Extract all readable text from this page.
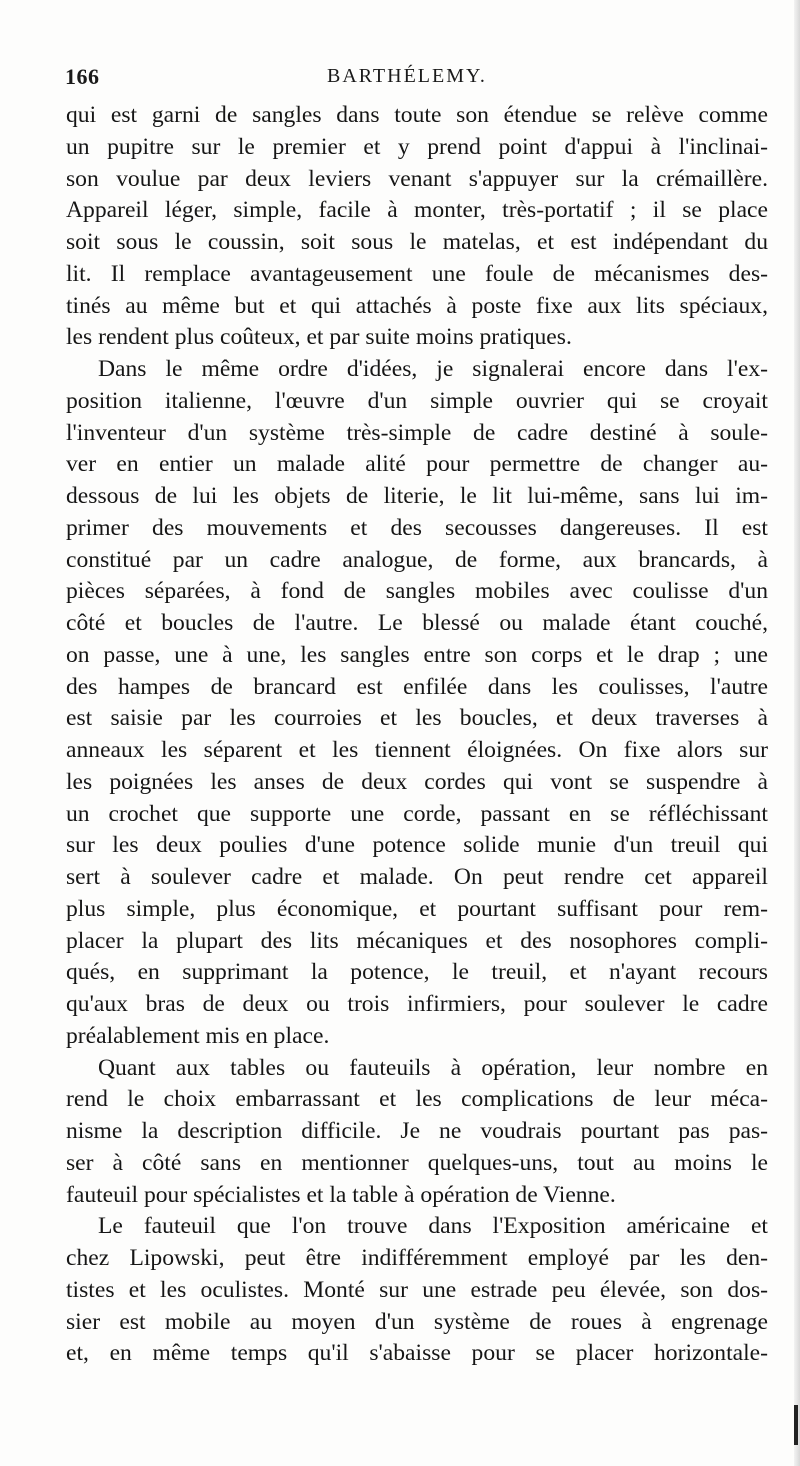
166	BARTHÉLEMY.
qui est garni de sangles dans toute son étendue se relève comme
un pupitre sur le premier et y prend point d'appui à l'inclinai-
son voulue par deux leviers venant s'appuyer sur la crémaillère.
Appareil léger, simple, facile à monter, très-portatif ; il se place
soit sous le coussin, soit sous le matelas, et est indépendant du
lit. Il remplace avantageusement une foule de mécanismes des-
tinés au même but et qui attachés à poste fixe aux lits spéciaux,
les rendent plus coûteux, et par suite moins pratiques.
Dans le même ordre d'idées, je signalerai encore dans l'ex-
position italienne, l'œuvre d'un simple ouvrier qui se croyait
l'inventeur d'un système très-simple de cadre destiné à soule-
ver en entier un malade alité pour permettre de changer au-
dessous de lui les objets de literie, le lit lui-même, sans lui im-
primer des mouvements et des secousses dangereuses. Il est
constitué par un cadre analogue, de forme, aux brancards, à
pièces séparées, à fond de sangles mobiles avec coulisse d'un
côté et boucles de l'autre. Le blessé ou malade étant couché,
on passe, une à une, les sangles entre son corps et le drap ; une
des hampes de brancard est enfilée dans les coulisses, l'autre
est saisie par les courroies et les boucles, et deux traverses à
anneaux les séparent et les tiennent éloignées. On fixe alors sur
les poignées les anses de deux cordes qui vont se suspendre à
un crochet que supporte une corde, passant en se réfléchissant
sur les deux poulies d'une potence solide munie d'un treuil qui
sert à soulever cadre et malade. On peut rendre cet appareil
plus simple, plus économique, et pourtant suffisant pour rem-
placer la plupart des lits mécaniques et des nosophores compli-
qués, en supprimant la potence, le treuil, et n'ayant recours
qu'aux bras de deux ou trois infirmiers, pour soulever le cadre
préalablement mis en place.
Quant aux tables ou fauteuils à opération, leur nombre en
rend le choix embarrassant et les complications de leur méca-
nisme la description difficile. Je ne voudrais pourtant pas pas-
ser à côté sans en mentionner quelques-uns, tout au moins le
fauteuil pour spécialistes et la table à opération de Vienne.
Le fauteuil que l'on trouve dans l'Exposition américaine et
chez Lipowski, peut être indifféremment employé par les den-
tistes et les oculistes. Monté sur une estrade peu élevée, son dos-
sier est mobile au moyen d'un système de roues à engrenage
et, en même temps qu'il s'abaisse pour se placer horizontale-
